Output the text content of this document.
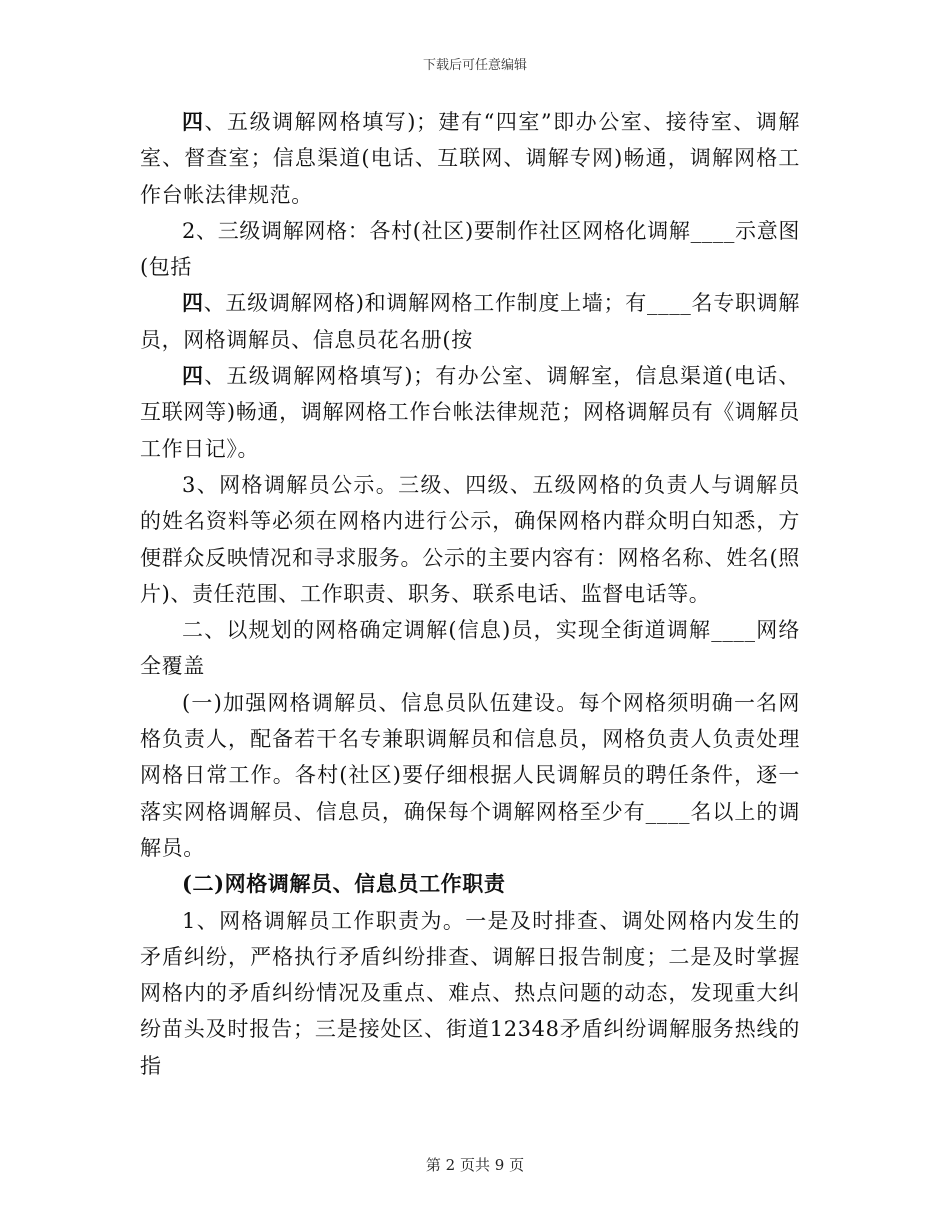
下载后可任意编辑

四、五级调解网格填写)；建有“四室”即办公室、接待室、调解室、督查室；信息渠道(电话、互联网、调解专网)畅通，调解网格工作台帐法律规范。

2、三级调解网格：各村(社区)要制作社区网格化调解____示意图(包括

四、五级调解网格)和调解网格工作制度上墙；有____名专职调解员，网格调解员、信息员花名册(按

四、五级调解网格填写)；有办公室、调解室，信息渠道(电话、互联网等)畅通，调解网格工作台帐法律规范；网格调解员有《调解员工作日记》。

3、网格调解员公示。三级、四级、五级网格的负责人与调解员的姓名资料等必须在网格内进行公示，确保网格内群众明白知悉，方便群众反映情况和寻求服务。公示的主要内容有：网格名称、姓名(照片)、责任范围、工作职责、职务、联系电话、监督电话等。

二、以规划的网格确定调解(信息)员，实现全街道调解____网络全覆盖

(一)加强网格调解员、信息员队伍建设。每个网格须明确一名网格负责人，配备若干名专兼职调解员和信息员，网格负责人负责处理网格日常工作。各村(社区)要仔细根据人民调解员的聘任条件，逐一落实网格调解员、信息员，确保每个调解网格至少有____名以上的调解员。

(二)网格调解员、信息员工作职责

1、网格调解员工作职责为。一是及时排查、调处网格内发生的矛盾纠纷，严格执行矛盾纠纷排查、调解日报告制度；二是及时掌握网格内的矛盾纠纷情况及重点、难点、热点问题的动态，发现重大纠纷苗头及时报告；三是接处区、街道12348矛盾纠纷调解服务热线的指

第 2 页共 9 页
